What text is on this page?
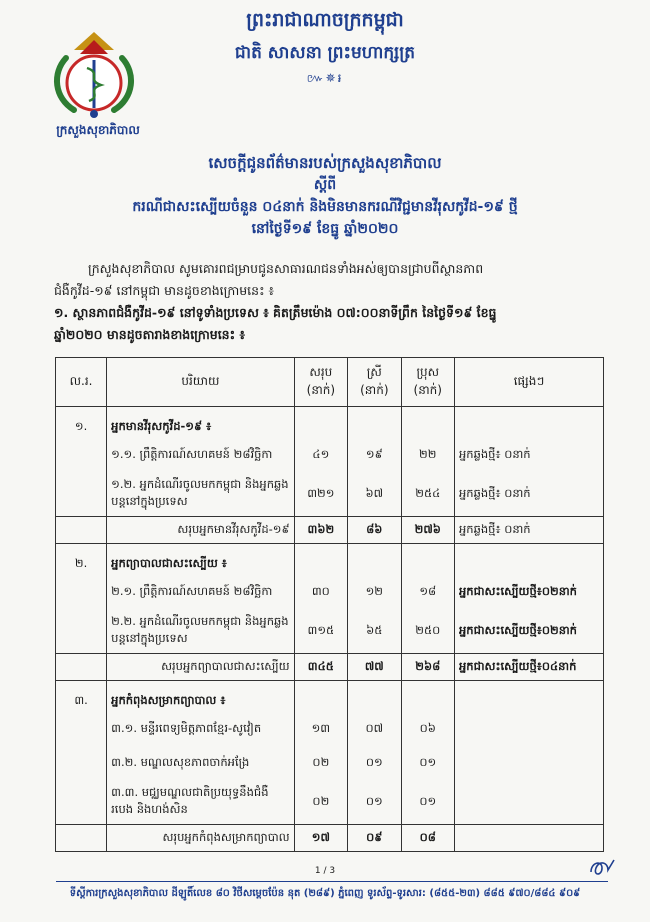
ព្រះរាជាណាចក្រកម្ពុជា
ជាតិ សាសនា ព្រះមហាក្សត្រ
៚✵៛
ក្រសួងសុខាភិបាល
សេចក្តីជូនព័ត៌មានរបស់ក្រសួងសុខាភិបាល
ស្តីពី
ករណីជាសះស្បើយចំនួន ០៤នាក់ និងមិនមានករណីវិជ្ជមានវីរុសកូវីដ-១៩ ថ្មី
នៅថ្ងៃទី១៩ ខែធ្នូ ឆ្នាំ២០២០
ក្រសួងសុខាភិបាល សូមគោរពជម្រាបជូនសាធារណជនទាំងអស់ឲ្យបានជ្រាបពីស្ថានភាព
ជំងឺកូវីដ-១៩ នៅកម្ពុជា មានដូចខាងក្រោមនេះ ៖
១. ស្ថានភាពជំងឺកូវីដ-១៩ នៅទូទាំងប្រទេស ៖ គិតត្រឹមម៉ោង ០៧:០០នាទីព្រឹក នៃថ្ងៃទី១៩ ខែធ្នូ
ឆ្នាំ២០២០ មានដូចតារាងខាងក្រោមនេះ ៖
ល.រ.	បរិយាយ	សរុប (នាក់)	ស្រី (នាក់)	ប្រុស (នាក់)	ផ្សេងៗ

១.	អ្នកមានវីរុសកូវីដ-១៩ ៖				
	១.១. ព្រឹត្តិការណ៍សហគមន៍ ២៨វិច្ឆិកា	៤១	១៩	២២	អ្នកឆ្លងថ្មី៖ ០នាក់
	១.២. អ្នកដំណើរចូលមកកម្ពុជា និងអ្នកឆ្លងបន្តនៅក្នុងប្រទេស	៣២១	៦៧	២៥៤	អ្នកឆ្លងថ្មី៖ ០នាក់
	សរុបអ្នកមានវីរុសកូវីដ-១៩	៣៦២	៨៦	២៧៦	អ្នកឆ្លងថ្មី៖ ០នាក់

២.	អ្នកព្យាបាលជាសះស្បើយ ៖				
	២.១. ព្រឹត្តិការណ៍សហគមន៍ ២៨វិច្ឆិកា	៣០	១២	១៨	អ្នកជាសះស្បើយថ្មី៖០២នាក់
	២.២. អ្នកដំណើរចូលមកកម្ពុជា និងអ្នកឆ្លងបន្តនៅក្នុងប្រទេស	៣១៥	៦៥	២៥០	អ្នកជាសះស្បើយថ្មី៖០២នាក់
	សរុបអ្នកព្យាបាលជាសះស្បើយ	៣៤៥	៧៧	២៦៨	អ្នកជាសះស្បើយថ្មី៖០៤នាក់

៣.	អ្នកកំពុងសម្រាកព្យាបាល ៖				
	៣.១. មន្ទីរពេទ្យមិត្តភាពខ្មែរ-សូវៀត	១៣	០៧	០៦	
	៣.២. មណ្ឌលសុខភាពចាក់អង្រែ	០២	០១	០១	
	៣.៣. មជ្ឈមណ្ឌលជាតិប្រយុទ្ធនឹងជំងឺរបេង និងហង់សិន	០២	០១	០១	
	សរុបអ្នកកំពុងសម្រាកព្យាបាល	១៧	០៩	០៨	
1 / 3
ទីស្តីការក្រសួងសុខាភិបាល ដីឡូតិ៍លេខ ៨០ វិថីសម្តេចប៉ែន នុត (២៨៩) ភ្នំពេញ ទូរស័ព្ទ-ទូរសារ: (៨៥៥-២៣) ៨៨៥ ៩៧០/៨៨៤ ៩០៩
